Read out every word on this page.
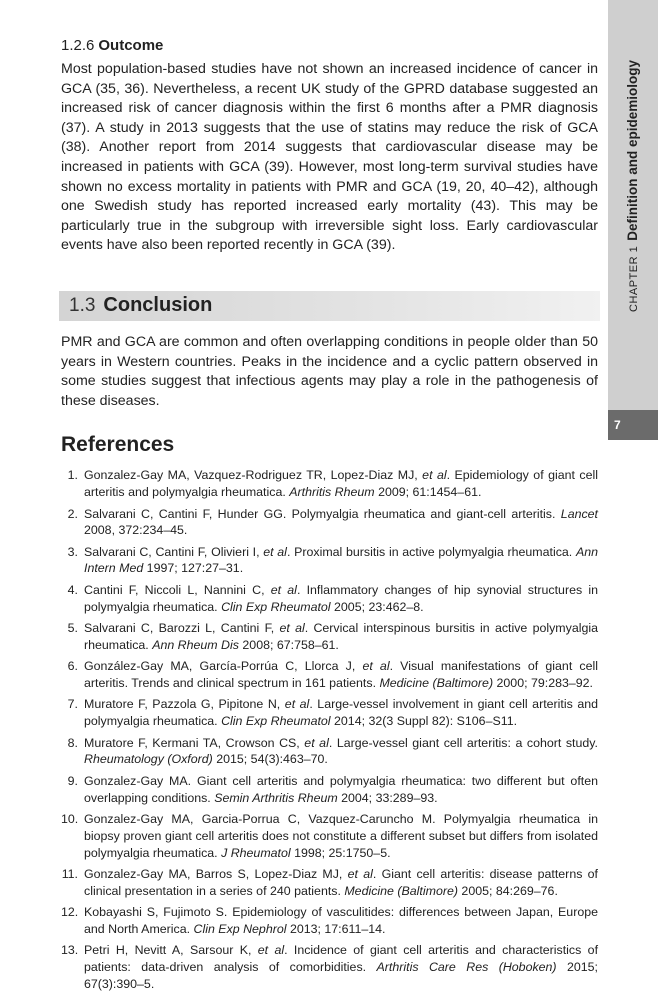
CHAPTER 1Definition and epidemiology
7
1.2.6 Outcome

Most population-based studies have not shown an increased incidence of cancer in GCA (35, 36). Nevertheless, a recent UK study of the GPRD database suggested an increased risk of cancer diagnosis within the first 6 months after a PMR diagnosis (37). A study in 2013 suggests that the use of statins may reduce the risk of GCA (38). Another report from 2014 suggests that cardiovascular disease may be increased in patients with GCA (39). However, most long-term survival studies have shown no excess mortality in patients with PMR and GCA (19, 20, 40–42), although one Swedish study has reported increased early mortality (43). This may be particularly true in the subgroup with irreversible sight loss. Early cardiovascular events have also been reported recently in GCA (39).

1.3 Conclusion

PMR and GCA are common and often overlapping conditions in people older than 50 years in Western countries. Peaks in the incidence and a cyclic pattern observed in some studies suggest that infectious agents may play a role in the pathogenesis of these diseases.

References
1. Gonzalez-Gay MA, Vazquez-Rodriguez TR, Lopez-Diaz MJ, et al. Epidemiology of giant cell arteritis and polymyalgia rheumatica. Arthritis Rheum 2009; 61:1454–61.
2. Salvarani C, Cantini F, Hunder GG. Polymyalgia rheumatica and giant-cell arteritis. Lancet 2008, 372:234–45.
3. Salvarani C, Cantini F, Olivieri I, et al. Proximal bursitis in active polymyalgia rheumatica. Ann Intern Med 1997; 127:27–31.
4. Cantini F, Niccoli L, Nannini C, et al. Inflammatory changes of hip synovial structures in polymyalgia rheumatica. Clin Exp Rheumatol 2005; 23:462–8.
5. Salvarani C, Barozzi L, Cantini F, et al. Cervical interspinous bursitis in active polymyalgia rheumatica. Ann Rheum Dis 2008; 67:758–61.
6. González-Gay MA, García-Porrúa C, Llorca J, et al. Visual manifestations of giant cell arteritis. Trends and clinical spectrum in 161 patients. Medicine (Baltimore) 2000; 79:283–92.
7. Muratore F, Pazzola G, Pipitone N, et al. Large-vessel involvement in giant cell arteritis and polymyalgia rheumatica. Clin Exp Rheumatol 2014; 32(3 Suppl 82): S106–S11.
8. Muratore F, Kermani TA, Crowson CS, et al. Large-vessel giant cell arteritis: a cohort study. Rheumatology (Oxford) 2015; 54(3):463–70.
9. Gonzalez-Gay MA. Giant cell arteritis and polymyalgia rheumatica: two different but often overlapping conditions. Semin Arthritis Rheum 2004; 33:289–93.
10. Gonzalez-Gay MA, Garcia-Porrua C, Vazquez-Caruncho M. Polymyalgia rheumatica in biopsy proven giant cell arteritis does not constitute a different subset but differs from isolated polymyalgia rheumatica. J Rheumatol 1998; 25:1750–5.
11. Gonzalez-Gay MA, Barros S, Lopez-Diaz MJ, et al. Giant cell arteritis: disease patterns of clinical presentation in a series of 240 patients. Medicine (Baltimore) 2005; 84:269–76.
12. Kobayashi S, Fujimoto S. Epidemiology of vasculitides: differences between Japan, Europe and North America. Clin Exp Nephrol 2013; 17:611–14.
13. Petri H, Nevitt A, Sarsour K, et al. Incidence of giant cell arteritis and characteristics of patients: data-driven analysis of comorbidities. Arthritis Care Res (Hoboken) 2015; 67(3):390–5.
